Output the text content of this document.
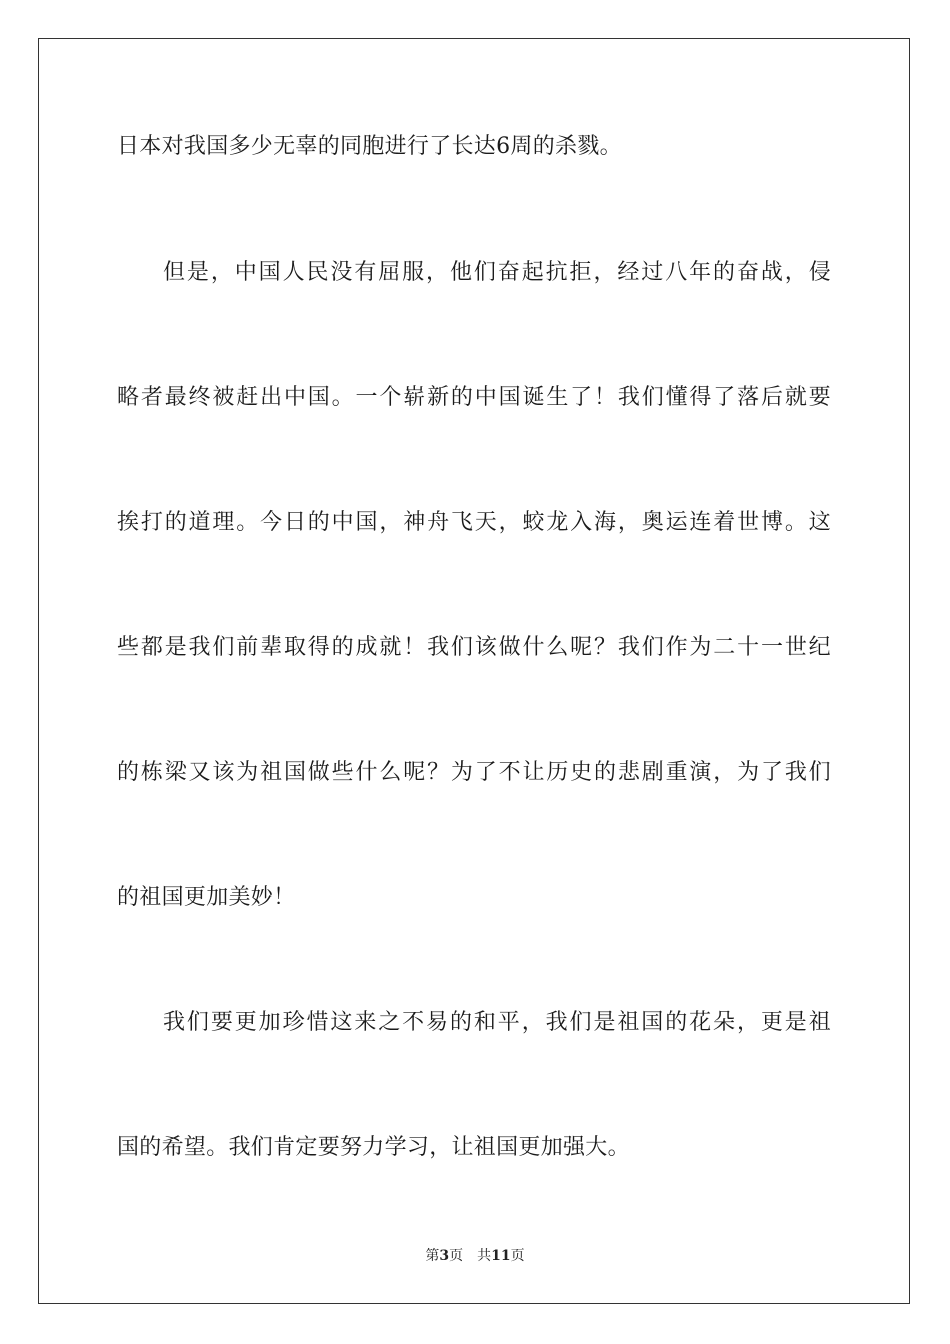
日本对我国多少无辜的同胞进行了长达6周的杀戮。
但是，中国人民没有屈服，他们奋起抗拒，经过八年的奋战，侵
略者最终被赶出中国。一个崭新的中国诞生了！我们懂得了落后就要
挨打的道理。今日的中国，神舟飞天，蛟龙入海，奥运连着世博。这
些都是我们前辈取得的成就！我们该做什么呢？我们作为二十一世纪
的栋梁又该为祖国做些什么呢？为了不让历史的悲剧重演，为了我们
的祖国更加美妙！
我们要更加珍惜这来之不易的和平，我们是祖国的花朵，更是祖
国的希望。我们肯定要努力学习，让祖国更加强大。
第3页 共11页
